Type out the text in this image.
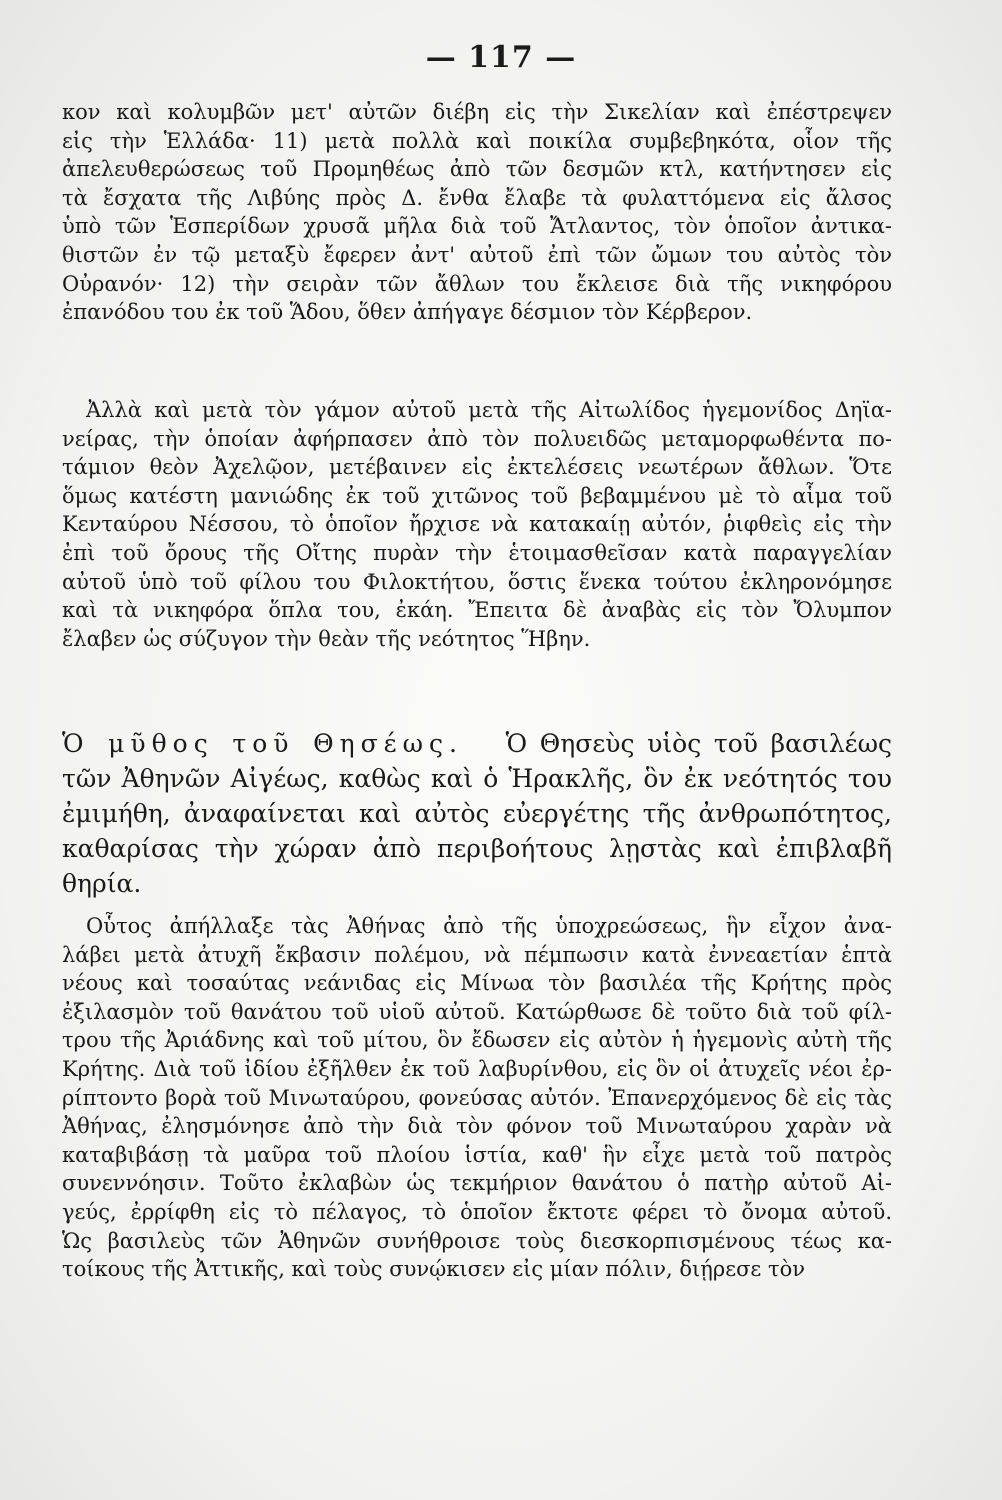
— 117 —
κον καὶ κολυμβῶν μετ' αὐτῶν διέβη εἰς τὴν Σικελίαν καὶ ἐπέστρεψεν
εἰς τὴν Ἑλλάδα· 11) μετὰ πολλὰ καὶ ποικίλα συμβεβηκότα, οἷον τῆς
ἀπελευθερώσεως τοῦ Προμηθέως ἀπὸ τῶν δεσμῶν κτλ, κατήντησεν εἰς
τὰ ἔσχατα τῆς Λιβύης πρὸς Δ. ἔνθα ἔλαβε τὰ φυλαττόμενα εἰς ἄλσος
ὑπὸ τῶν Ἑσπερίδων χρυσᾶ μῆλα διὰ τοῦ Ἄτλαντος, τὸν ὁποῖον ἀντικα-
θιστῶν ἐν τῷ μεταξὺ ἔφερεν ἀντ' αὐτοῦ ἐπὶ τῶν ὤμων του αὐτὸς τὸν
Οὐρανόν· 12) τὴν σειρὰν τῶν ἄθλων του ἔκλεισε διὰ τῆς νικηφόρου
ἐπανόδου του ἐκ τοῦ Ἅδου, ὅθεν ἀπήγαγε δέσμιον τὸν Κέρβερον.
Ἀλλὰ καὶ μετὰ τὸν γάμον αὐτοῦ μετὰ τῆς Αἰτωλίδος ἡγεμονίδος Δηϊα-
νείρας, τὴν ὁποίαν ἀφήρπασεν ἀπὸ τὸν πολυειδῶς μεταμορφωθέντα πο-
τάμιον θεὸν Ἀχελῷον, μετέβαινεν εἰς ἐκτελέσεις νεωτέρων ἄθλων. Ὅτε
ὅμως κατέστη μανιώδης ἐκ τοῦ χιτῶνος τοῦ βεβαμμένου μὲ τὸ αἷμα τοῦ
Κενταύρου Νέσσου, τὸ ὁποῖον ἤρχισε νὰ κατακαίῃ αὐτόν, ῥιφθεὶς εἰς τὴν
ἐπὶ τοῦ ὄρους τῆς Οἴτης πυρὰν τὴν ἑτοιμασθεῖσαν κατὰ παραγγελίαν
αὐτοῦ ὑπὸ τοῦ φίλου του Φιλοκτήτου, ὅστις ἕνεκα τούτου ἐκληρονόμησε
καὶ τὰ νικηφόρα ὅπλα του, ἐκάη. Ἔπειτα δὲ ἀναβὰς εἰς τὸν Ὄλυμπον
ἔλαβεν ὡς σύζυγον τὴν θεὰν τῆς νεότητος Ἥβην.
Ὁ μῦθος τοῦ Θησέως. Ὁ Θησεὺς υἱὸς τοῦ βασιλέως
τῶν Ἀθηνῶν Αἰγέως, καθὼς καὶ ὁ Ἡρακλῆς, ὃν ἐκ νεότητός του
ἐμιμήθη, ἀναφαίνεται καὶ αὐτὸς εὐεργέτης τῆς ἀνθρωπότητος,
καθαρίσας τὴν χώραν ἀπὸ περιβοήτους λῃστὰς καὶ ἐπιβλαβῆ
θηρία.
Οὗτος ἀπήλλαξε τὰς Ἀθήνας ἀπὸ τῆς ὑποχρεώσεως, ἣν εἶχον ἀνα-
λάβει μετὰ ἀτυχῆ ἔκβασιν πολέμου, νὰ πέμπωσιν κατὰ ἐννεαετίαν ἑπτὰ
νέους καὶ τοσαύτας νεάνιδας εἰς Μίνωα τὸν βασιλέα τῆς Κρήτης πρὸς
ἐξιλασμὸν τοῦ θανάτου τοῦ υἱοῦ αὐτοῦ. Κατώρθωσε δὲ τοῦτο διὰ τοῦ φίλ-
τρου τῆς Ἀριάδνης καὶ τοῦ μίτου, ὃν ἔδωσεν εἰς αὐτὸν ἡ ἡγεμονὶς αὐτὴ τῆς
Κρήτης. Διὰ τοῦ ἰδίου ἐξῆλθεν ἐκ τοῦ λαβυρίνθου, εἰς ὃν οἱ ἀτυχεῖς νέοι ἐρ-
ρίπτοντο βορὰ τοῦ Μινωταύρου, φονεύσας αὐτόν. Ἐπανερχόμενος δὲ εἰς τὰς
Ἀθήνας, ἐλησμόνησε ἀπὸ τὴν διὰ τὸν φόνον τοῦ Μινωταύρου χαρὰν νὰ
καταβιβάσῃ τὰ μαῦρα τοῦ πλοίου ἱστία, καθ' ἣν εἶχε μετὰ τοῦ πατρὸς
συνεννόησιν. Τοῦτο ἐκλαβὼν ὡς τεκμήριον θανάτου ὁ πατὴρ αὐτοῦ Αἰ-
γεύς, ἐρρίφθη εἰς τὸ πέλαγος, τὸ ὁποῖον ἔκτοτε φέρει τὸ ὄνομα αὐτοῦ.
Ὡς βασιλεὺς τῶν Ἀθηνῶν συνήθροισε τοὺς διεσκορπισμένους τέως κα-
τοίκους τῆς Ἀττικῆς, καὶ τοὺς συνῴκισεν εἰς μίαν πόλιν, διῄρεσε τὸν
